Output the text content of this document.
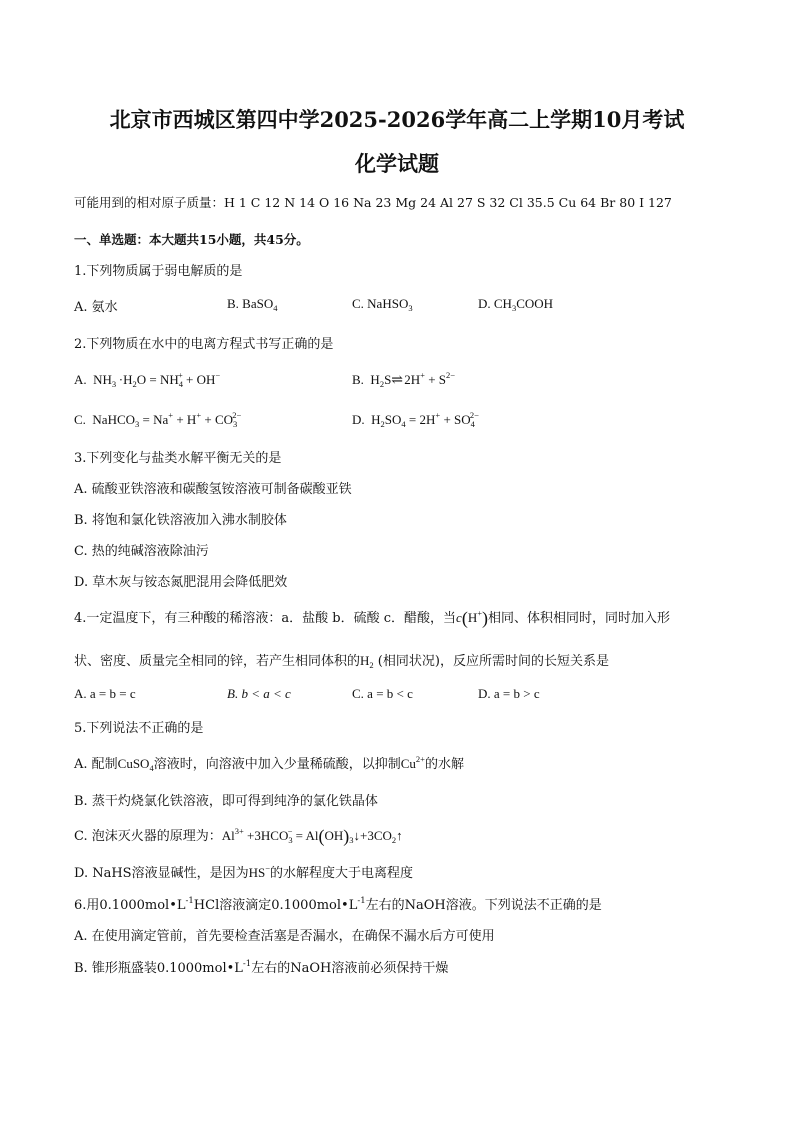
北京市西城区第四中学2025-2026学年高二上学期10月考试
化学试题
可能用到的相对原子质量：H 1 C 12 N 14 O 16 Na 23 Mg 24 Al 27 S 32 Cl 35.5 Cu 64 Br 80 I 127
一、单选题：本大题共15小题，共45分。
1.下列物质属于弱电解质的是
A. 氨水	B. BaSO$_4$	C. NaHSO$_3$	D. $CH_3COOH$
2.下列物质在水中的电离方程式书写正确的是
A.  $NH_3 \cdot H_2O = NH_4^+ + OH^-$	B.  $H_2S\rightleftharpoons$ $2H^+ + S^{2-}$
C.  NaHCO$_3$ = $Na^+ + H^+ + CO_3^{2-}$	D.  $H_2SO_4 = 2H^+ + SO_4^{2-}$
3.下列变化与盐类水解平衡无关的是
A. 硫酸亚铁溶液和碳酸氢铵溶液可制备碳酸亚铁
B. 将饱和氯化铁溶液加入沸水制胶体
C. 热的纯碱溶液除油污
D. 草木灰与铵态氮肥混用会降低肥效
4.一定温度下，有三种酸的稀溶液：a．盐酸 b．硫酸 c．醋酸，当c(H+)相同、体积相同时，同时加入形
状、密度、质量完全相同的锌，若产生相同体积的$H_2$ (相同状况)，反应所需时间的长短关系是
A. a = b = c	B. b < a < c	C. a = b < c	D. a = b > c
5.下列说法不正确的是
A. 配制CuSO$_4$溶液时，向溶液中加入少量稀硫酸，以抑制$Cu^{2+}$的水解
B. 蒸干灼烧氯化铁溶液，即可得到纯净的氯化铁晶体
C. 泡沫灭火器的原理为：$Al^{3+} +3HCO_3^-$ = $Al(OH)_3↓+3CO_2↑$
D. NaHS溶液显碱性，是因为HS−的水解程度大于电离程度
6.用$0.1000mol•L^{-1}HCl$溶液滴定$0.1000mol•L^{-1}$左右的NaOH溶液。下列说法不正确的是
A. 在使用滴定管前，首先要检查活塞是否漏水，在确保不漏水后方可使用
B. 锥形瓶盛装$0.1000mol•L^{-1}$左右的NaOH溶液前必须保持干燥
